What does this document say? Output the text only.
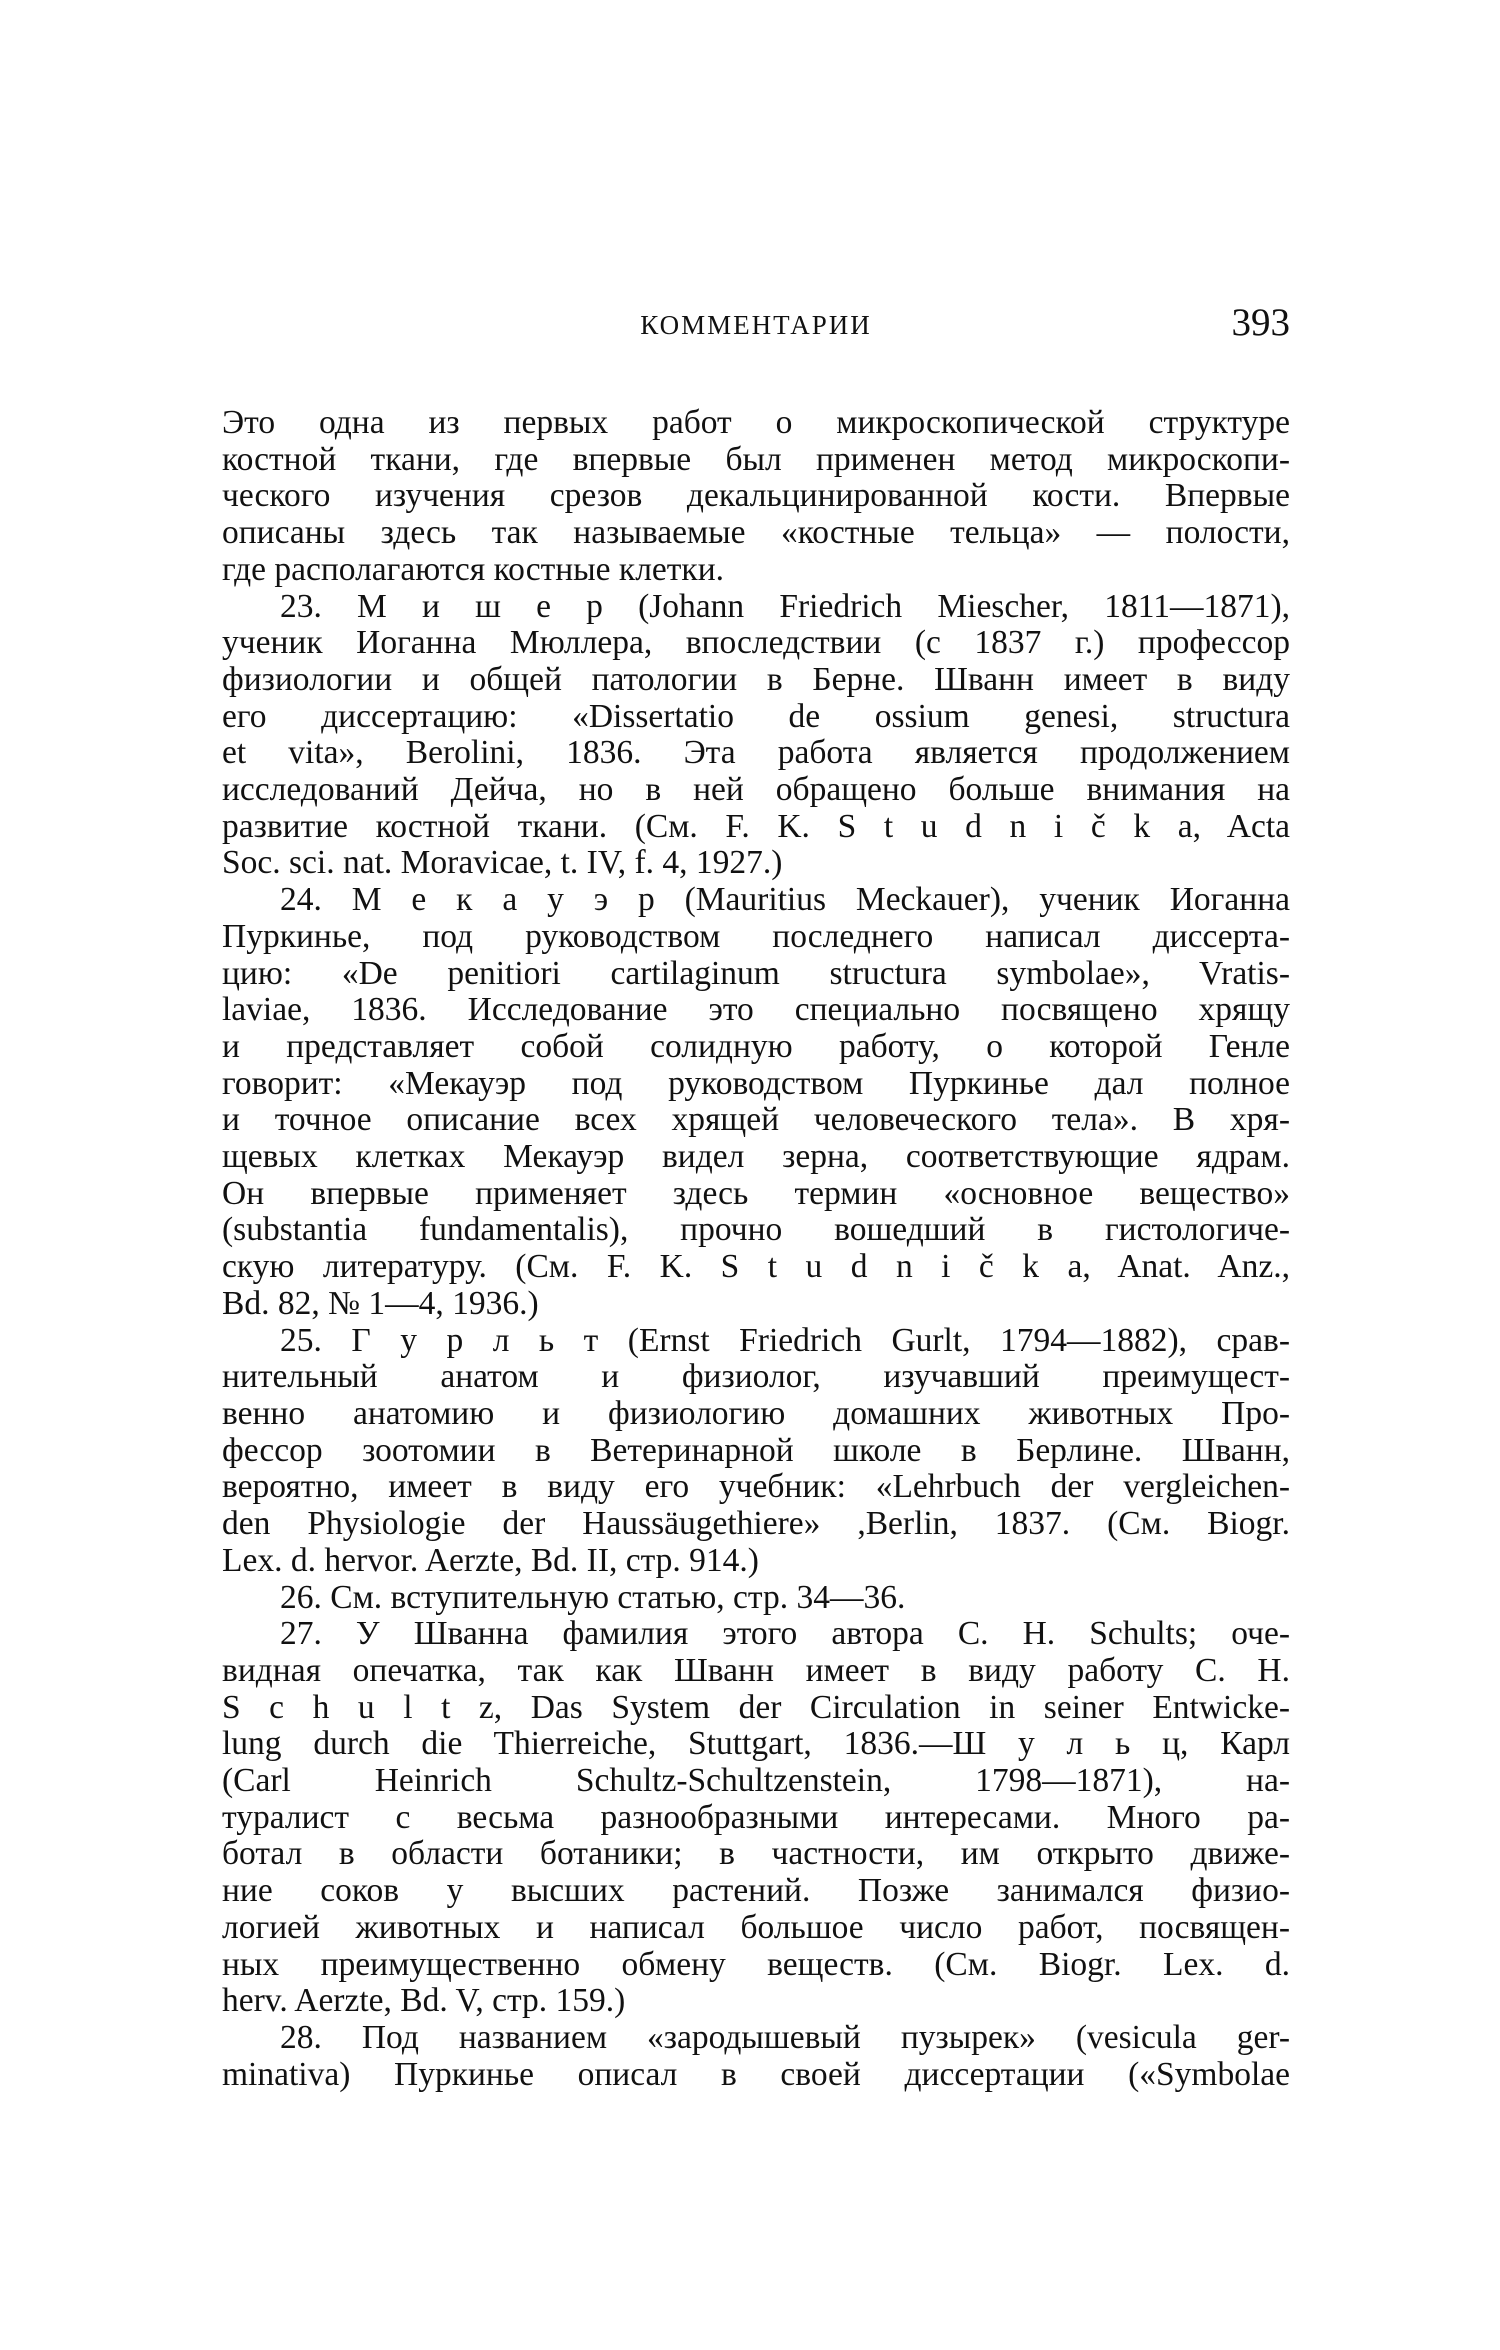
КОММЕНТАРИИ	393
Это одна из первых работ о микроскопической структуре
костной ткани, где впервые был применен метод микроскопи-
ческого изучения срезов декальцинированной кости. Впервые
описаны здесь так называемые «костные тельца» — полости,
где располагаются костные клетки.
23. М и ш е р (Johann Friedrich Miescher, 1811—1871),
ученик Иоганна Мюллера, впоследствии (с 1837 г.) профессор
физиологии и общей патологии в Берне. Шванн имеет в виду
его диссертацию: «Dissertatio de ossium genesi, structura
et vita», Berolini, 1836. Эта работа является продолжением
исследований Дейча, но в ней обращено больше внимания на
развитие костной ткани. (См. F. K. S t u d n i č k a, Acta
Soc. sci. nat. Moravicae, t. IV, f. 4, 1927.)
24. М е к а у э р (Mauritius Meckauer), ученик Иоганна
Пуркинье, под руководством последнего написал диссерта-
цию: «De penitiori cartilaginum structura symbolae», Vratis-
laviae, 1836. Исследование это специально посвящено хрящу
и представляет собой солидную работу, о которой Генле
говорит: «Мекауэр под руководством Пуркинье дал полное
и точное описание всех хрящей человеческого тела». В хря-
щевых клетках Мекауэр видел зерна, соответствующие ядрам.
Он впервые применяет здесь термин «основное вещество»
(substantia fundamentalis), прочно вошедший в гистологиче-
скую литературу. (См. F. K. S t u d n i č k a, Anat. Anz.,
Bd. 82, № 1—4, 1936.)
25. Г у р л ь т (Ernst Friedrich Gurlt, 1794—1882), срав-
нительный анатом и физиолог, изучавший преимущест-
венно анатомию и физиологию домашних животных Про-
фессор зоотомии в Ветеринарной школе в Берлине. Шванн,
вероятно, имеет в виду его учебник: «Lehrbuch der vergleichen-
den Physiologie der Haussäugethiere» ,Berlin, 1837. (См. Biogr.
Lex. d. hervor. Aerzte, Bd. II, стр. 914.)
26. См. вступительную статью, стр. 34—36.
27. У Шванна фамилия этого автора C. H. Schults; оче-
видная опечатка, так как Шванн имеет в виду работу C. H.
S c h u l t z, Das System der Circulation in seiner Entwicke-
lung durch die Thierreiche, Stuttgart, 1836.—Ш у л ь ц, Карл
(Carl Heinrich Schultz-Schultzenstein, 1798—1871), на-
туралист с весьма разнообразными интересами. Много ра-
ботал в области ботаники; в частности, им открыто движе-
ние соков у высших растений. Позже занимался физио-
логией животных и написал большое число работ, посвящен-
ных преимущественно обмену веществ. (См. Biogr. Lex. d.
herv. Aerzte, Bd. V, стр. 159.)
28. Под названием «зародышевый пузырек» (vesicula ger-
minativa) Пуркинье описал в своей диссертации («Symbolae
